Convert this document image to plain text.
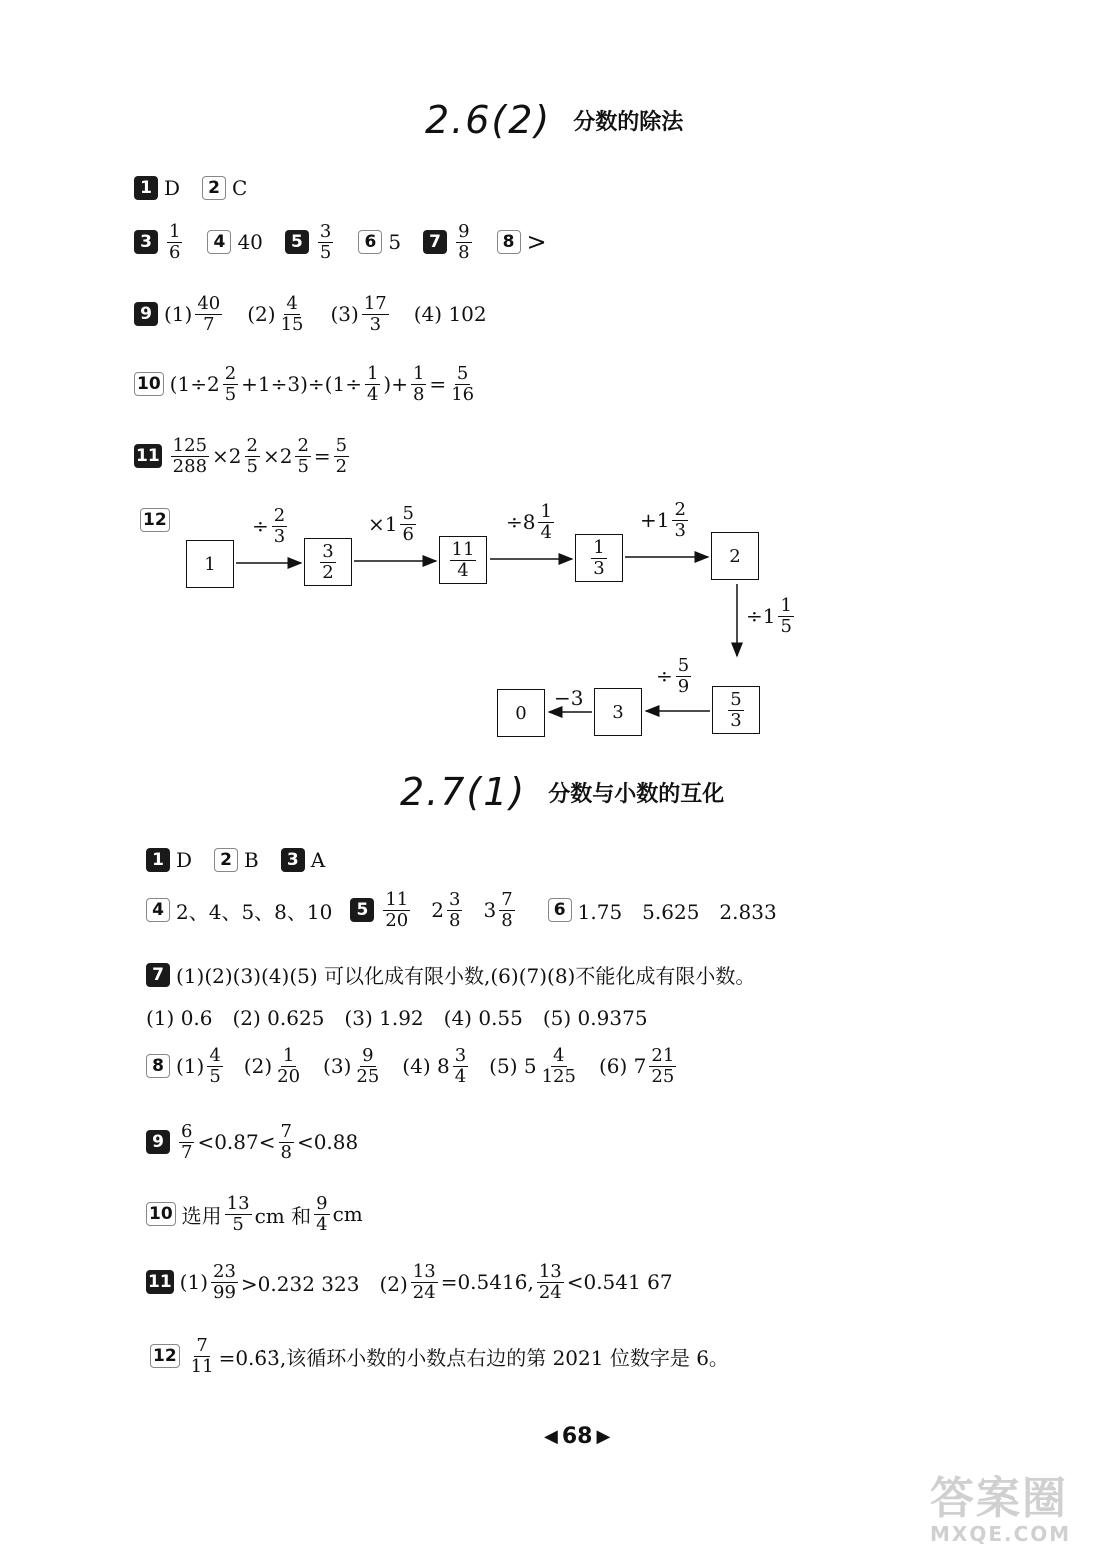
2.6(2) 分数的除法
1 D	2 C
$3 \frac{1}{6}$	4 40	$5 \frac{3}{5}$	6 5	$7 \frac{9}{8}$	8 >
9 $(1) \frac{40}{7} (2) \frac{4}{15} (3) \frac{17}{3} (4)$ 102
10 $(1\div 2 \frac{2}{5} +1\div 3)\div(1\div \frac{1}{4}$ )+ $\frac{1}{8} = \frac{5}{16}$
$11 \frac{125}{288} \times 2 \frac{2}{5} \times 2 \frac{2}{5} = \frac{5}{2}$
12
1	$\frac{3}{2}$	$\frac{11}{4}$	$\frac{1}{3}$	2
$\frac{5}{3}$
3
0
÷ $\frac{2}{3}$	$\times 1 \frac{5}{6}$	$\div 8 \frac{1}{4}$	$+1 \frac{2}{3}$
$\div 1 \frac{1}{5}$
÷ $\frac{5}{9}$
−3
2.7(1) 分数与小数的互化
1 D	2 B	3 A
4 2、4、5、8、10	$5 \frac{11}{20} 2 \frac{3}{8} 3 \frac{7}{8}$	6 1.75　5.625　2.833
7 (1)(2)(3)(4)(5) 可以化成有限小数,(6)(7)(8)不能化成有限小数。
(1) 0.6　(2) 0.625　(3) 1.92　(4) 0.55　(5) 0.9375
8 $(1) \frac{4}{5} (2) \frac{1}{20} (3) \frac{9}{25} (4)$ $8 \frac{3}{4} (5)$ $5 \frac{4}{125} (6)$ $7 \frac{21}{25}$
$9 \frac{6}{7} <0.87< \frac{7}{8} <0.88$
10 选用 $\frac{13}{5}$ cm 和 $\frac{9}{4}$ cm
11 $(1) \frac{23}{99} >0.232$ 323　$(2) \frac{13}{24}$ =0.5416̇, $\frac{13}{24} <0.541$ 67
$12 \frac{7}{11}$ =0.6̇3̇,该循环小数的小数点右边的第 2021 位数字是 6。
◀ 68 ▶
答案圈
MXQE.COM
